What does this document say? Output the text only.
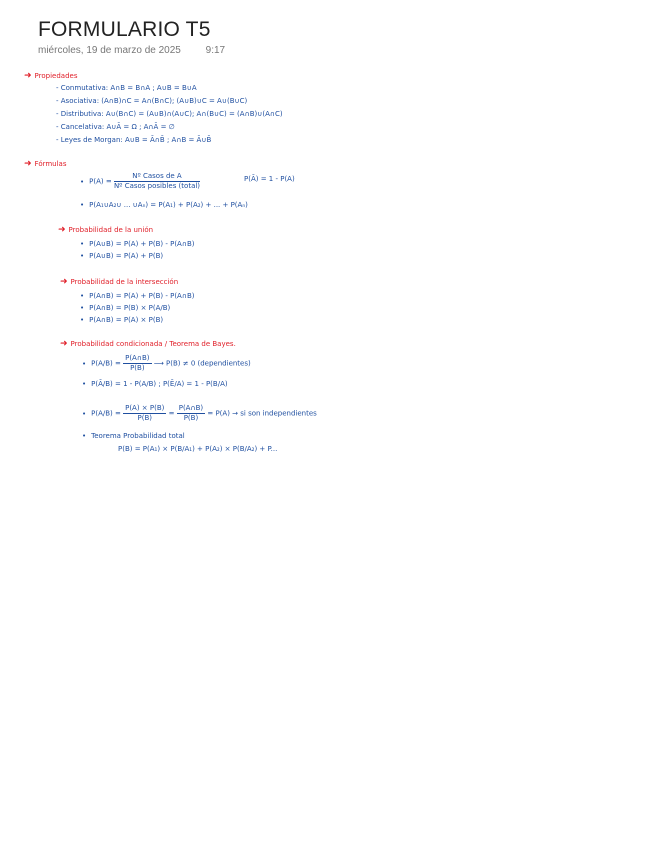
FORMULARIO T5
miércoles, 19 de marzo de 2025 9:17
➜ Propiedades
- Conmutativa: A∩B = B∩A ; A∪B = B∪A
- Asociativa: (A∩B)∩C = A∩(B∩C); (A∪B)∪C = A∪(B∪C)
- Distributiva: A∪(B∩C) = (A∪B)∩(A∪C); A∩(B∪C) = (A∩B)∪(A∩C)
- Cancelativa: A∪Ā = Ω ; A∩Ā = ∅
- Leyes de Morgan: A∪B = Ā∩B̄ ; A∩B = Ā∪B̄
➜ Fórmulas
• $P(A) = \frac{\text{Nº Casos de A}}{\text{Nº Casos posibles (total)}}$	P(Ā) = 1 - P(A)
• P(A₁∪A₂∪ ... ∪Aₙ) = P(A₁) + P(A₂) + ... + P(Aₙ)
➜ Probabilidad de la unión
• P(A∪B) = P(A) + P(B) - P(A∩B)
• P(A∪B) = P(A) + P(B)
➜ Probabilidad de la intersección
• P(A∩B) = P(A) + P(B) - P(A∩B)
• P(A∩B) = P(B) × P(A/B)
• P(A∩B) = P(A) × P(B)
➜ Probabilidad condicionada / Teorema de Bayes.
• $P(A/B) = \frac{P(A\cap B)}{P(B)}$ ⟶ P(B) ≠ 0 (dependientes)
• P(Ā/B) = 1 - P(A/B) ; P(Ē/A) = 1 - P(B/A)
• $P(A/B) = \frac{P(A) \times P(B)}{P(B)} = \frac{P(A\cap B)}{P(B)} = P(A)$ → si son independientes
• Teorema Probabilidad total
P(B) = P(A₁) × P(B/A₁) + P(A₂) × P(B/A₂) + P...
